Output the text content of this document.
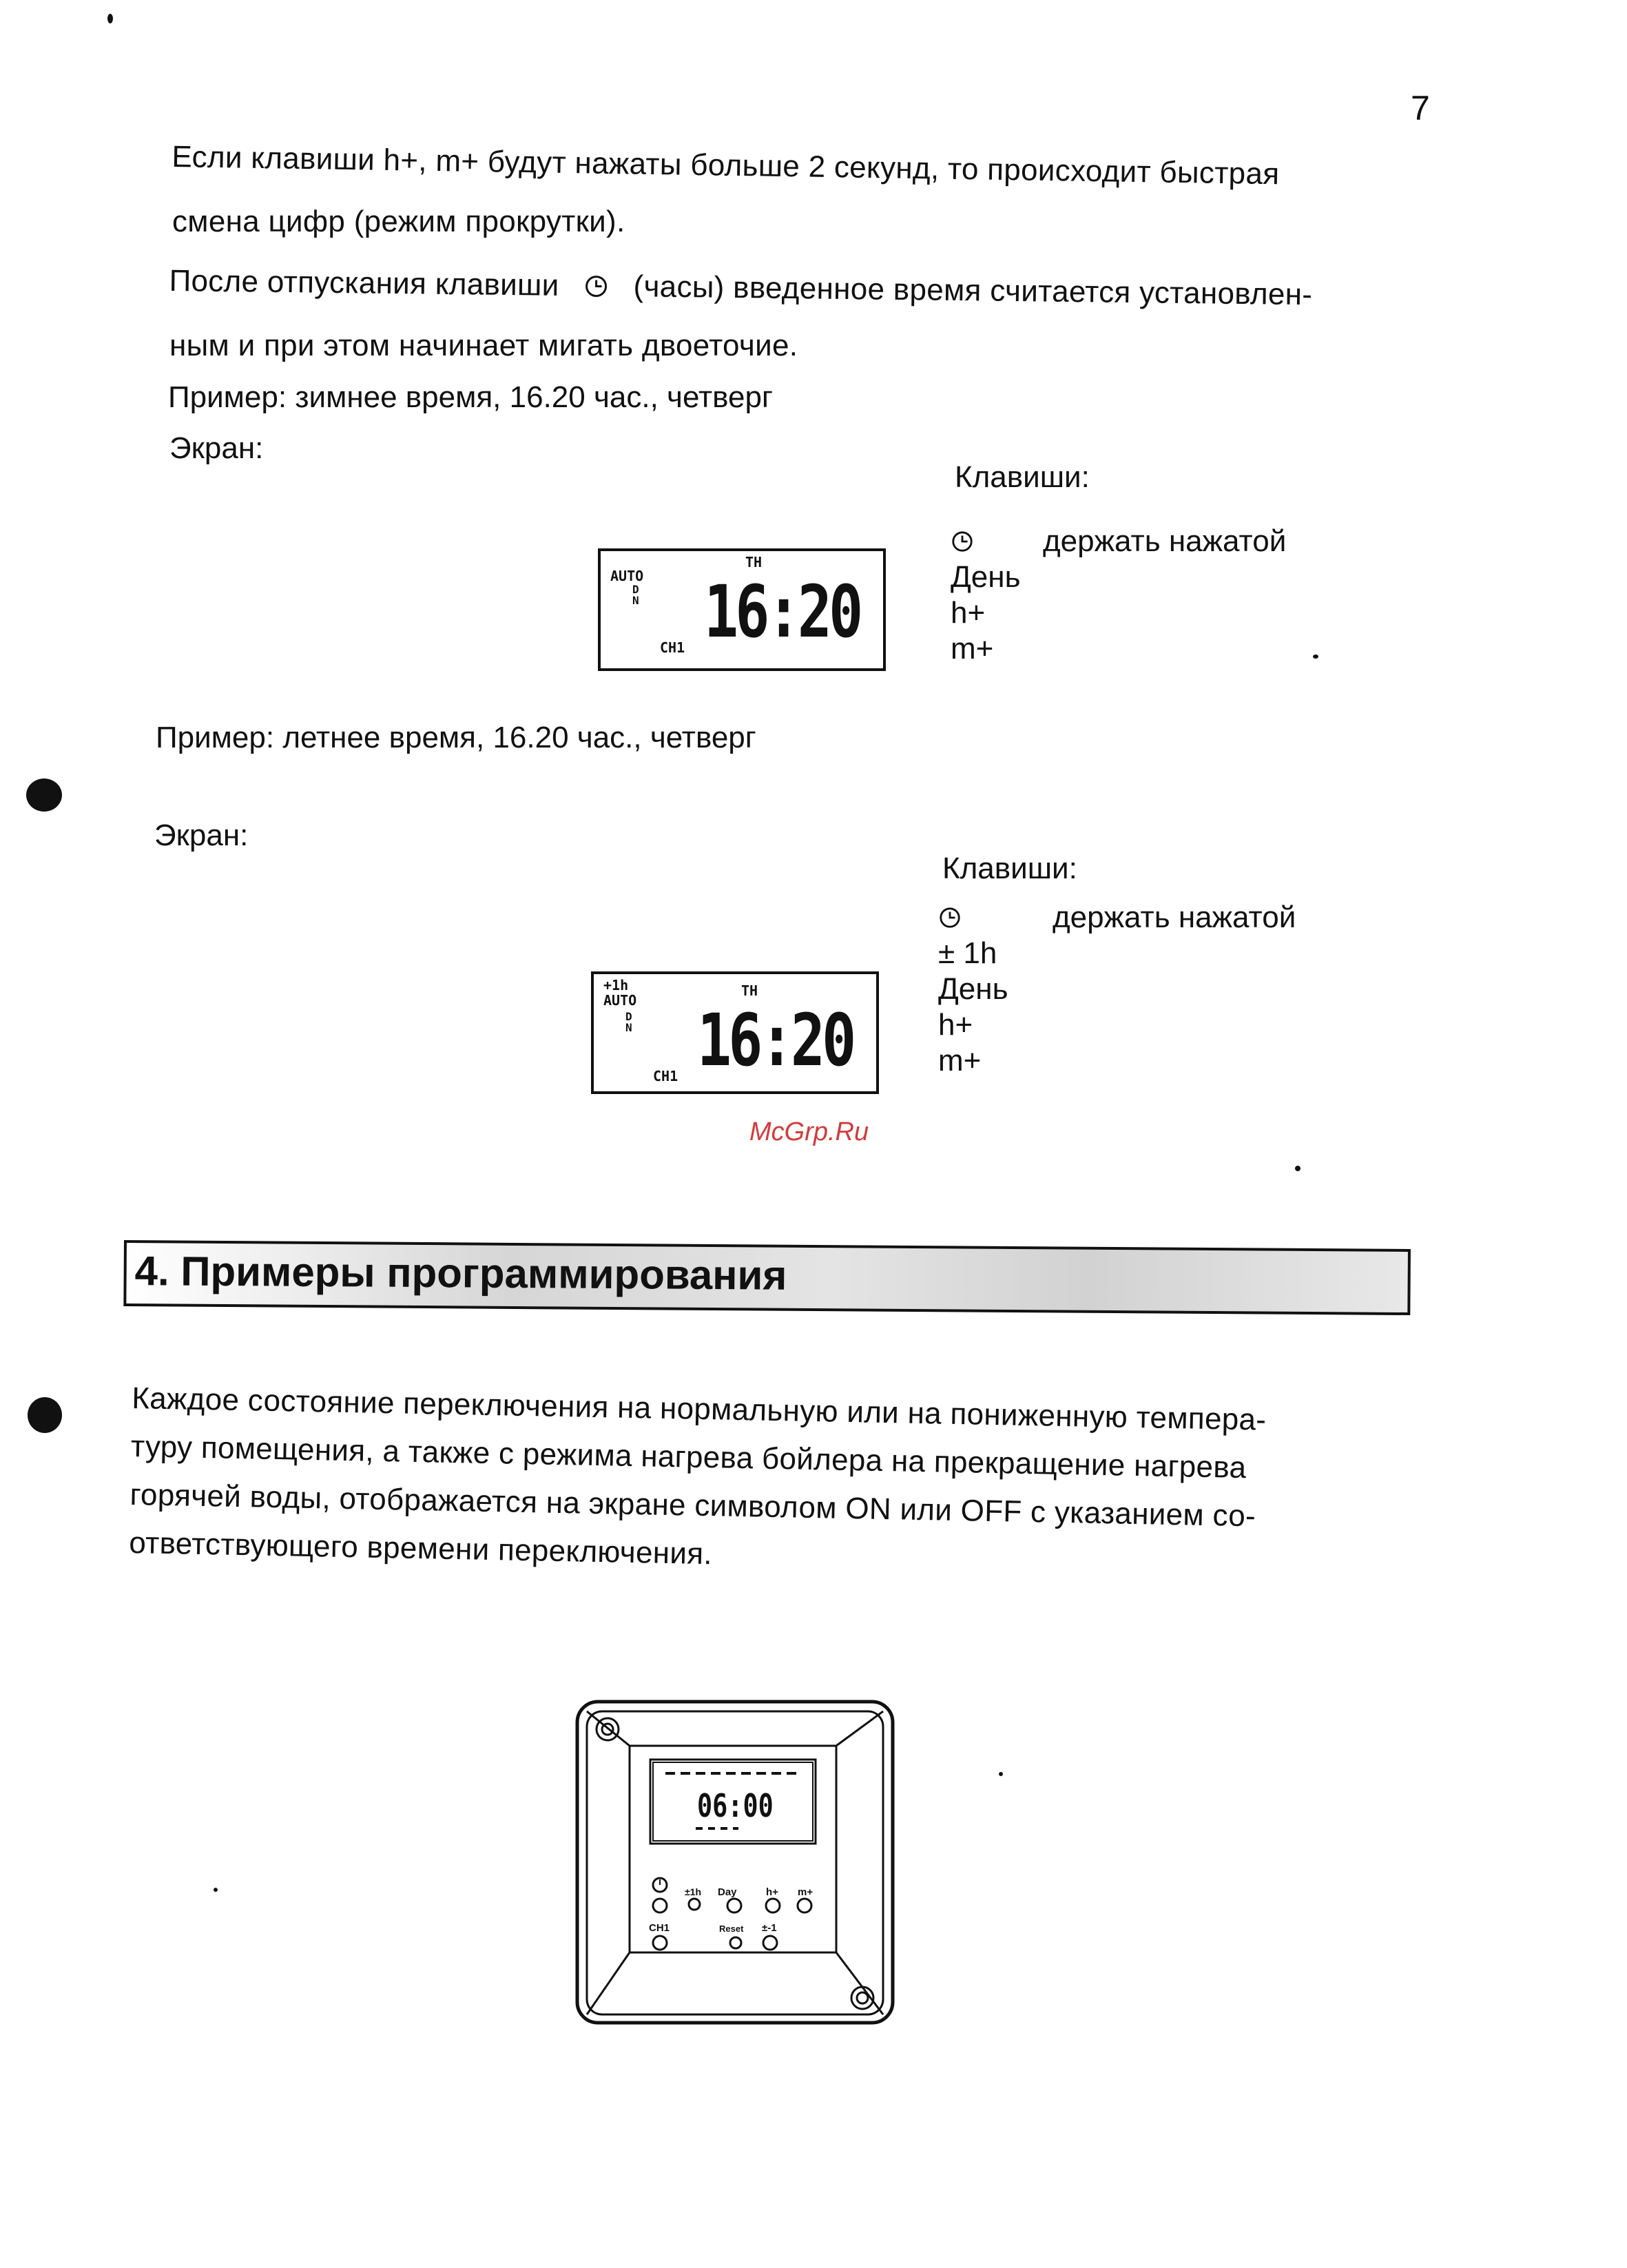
7
Если клавиши h+, m+ будут нажаты больше 2 секунд, то происходит быстрая
смена цифр (режим прокрутки).
После отпускания клавиши (часы) введенное время считается установлен-
ным и при этом начинает мигать двоеточие.
Пример: зимнее время, 16.20 час., четверг
Экран:
Клавиши:
AUTO
D
N
TH
16:20
CH1
держать нажатой
День
h+
m+
Пример: летнее время, 16.20 час., четверг
Экран:
Клавиши:
+1h
AUTO
D
N
TH
16:20
CH1
держать нажатой
± 1h
День
h+
m+
McGrp.Ru
4. Примеры программирования
Каждое состояние переключения на нормальную или на пониженную темпера-
туру помещения, а также с режима нагрева бойлера на прекращение нагрева
горячей воды, отображается на экране символом ON или OFF с указанием со-
ответствующего времени переключения.
06:00
±1h Day	h+ m+
CH1	Reset ±-1
